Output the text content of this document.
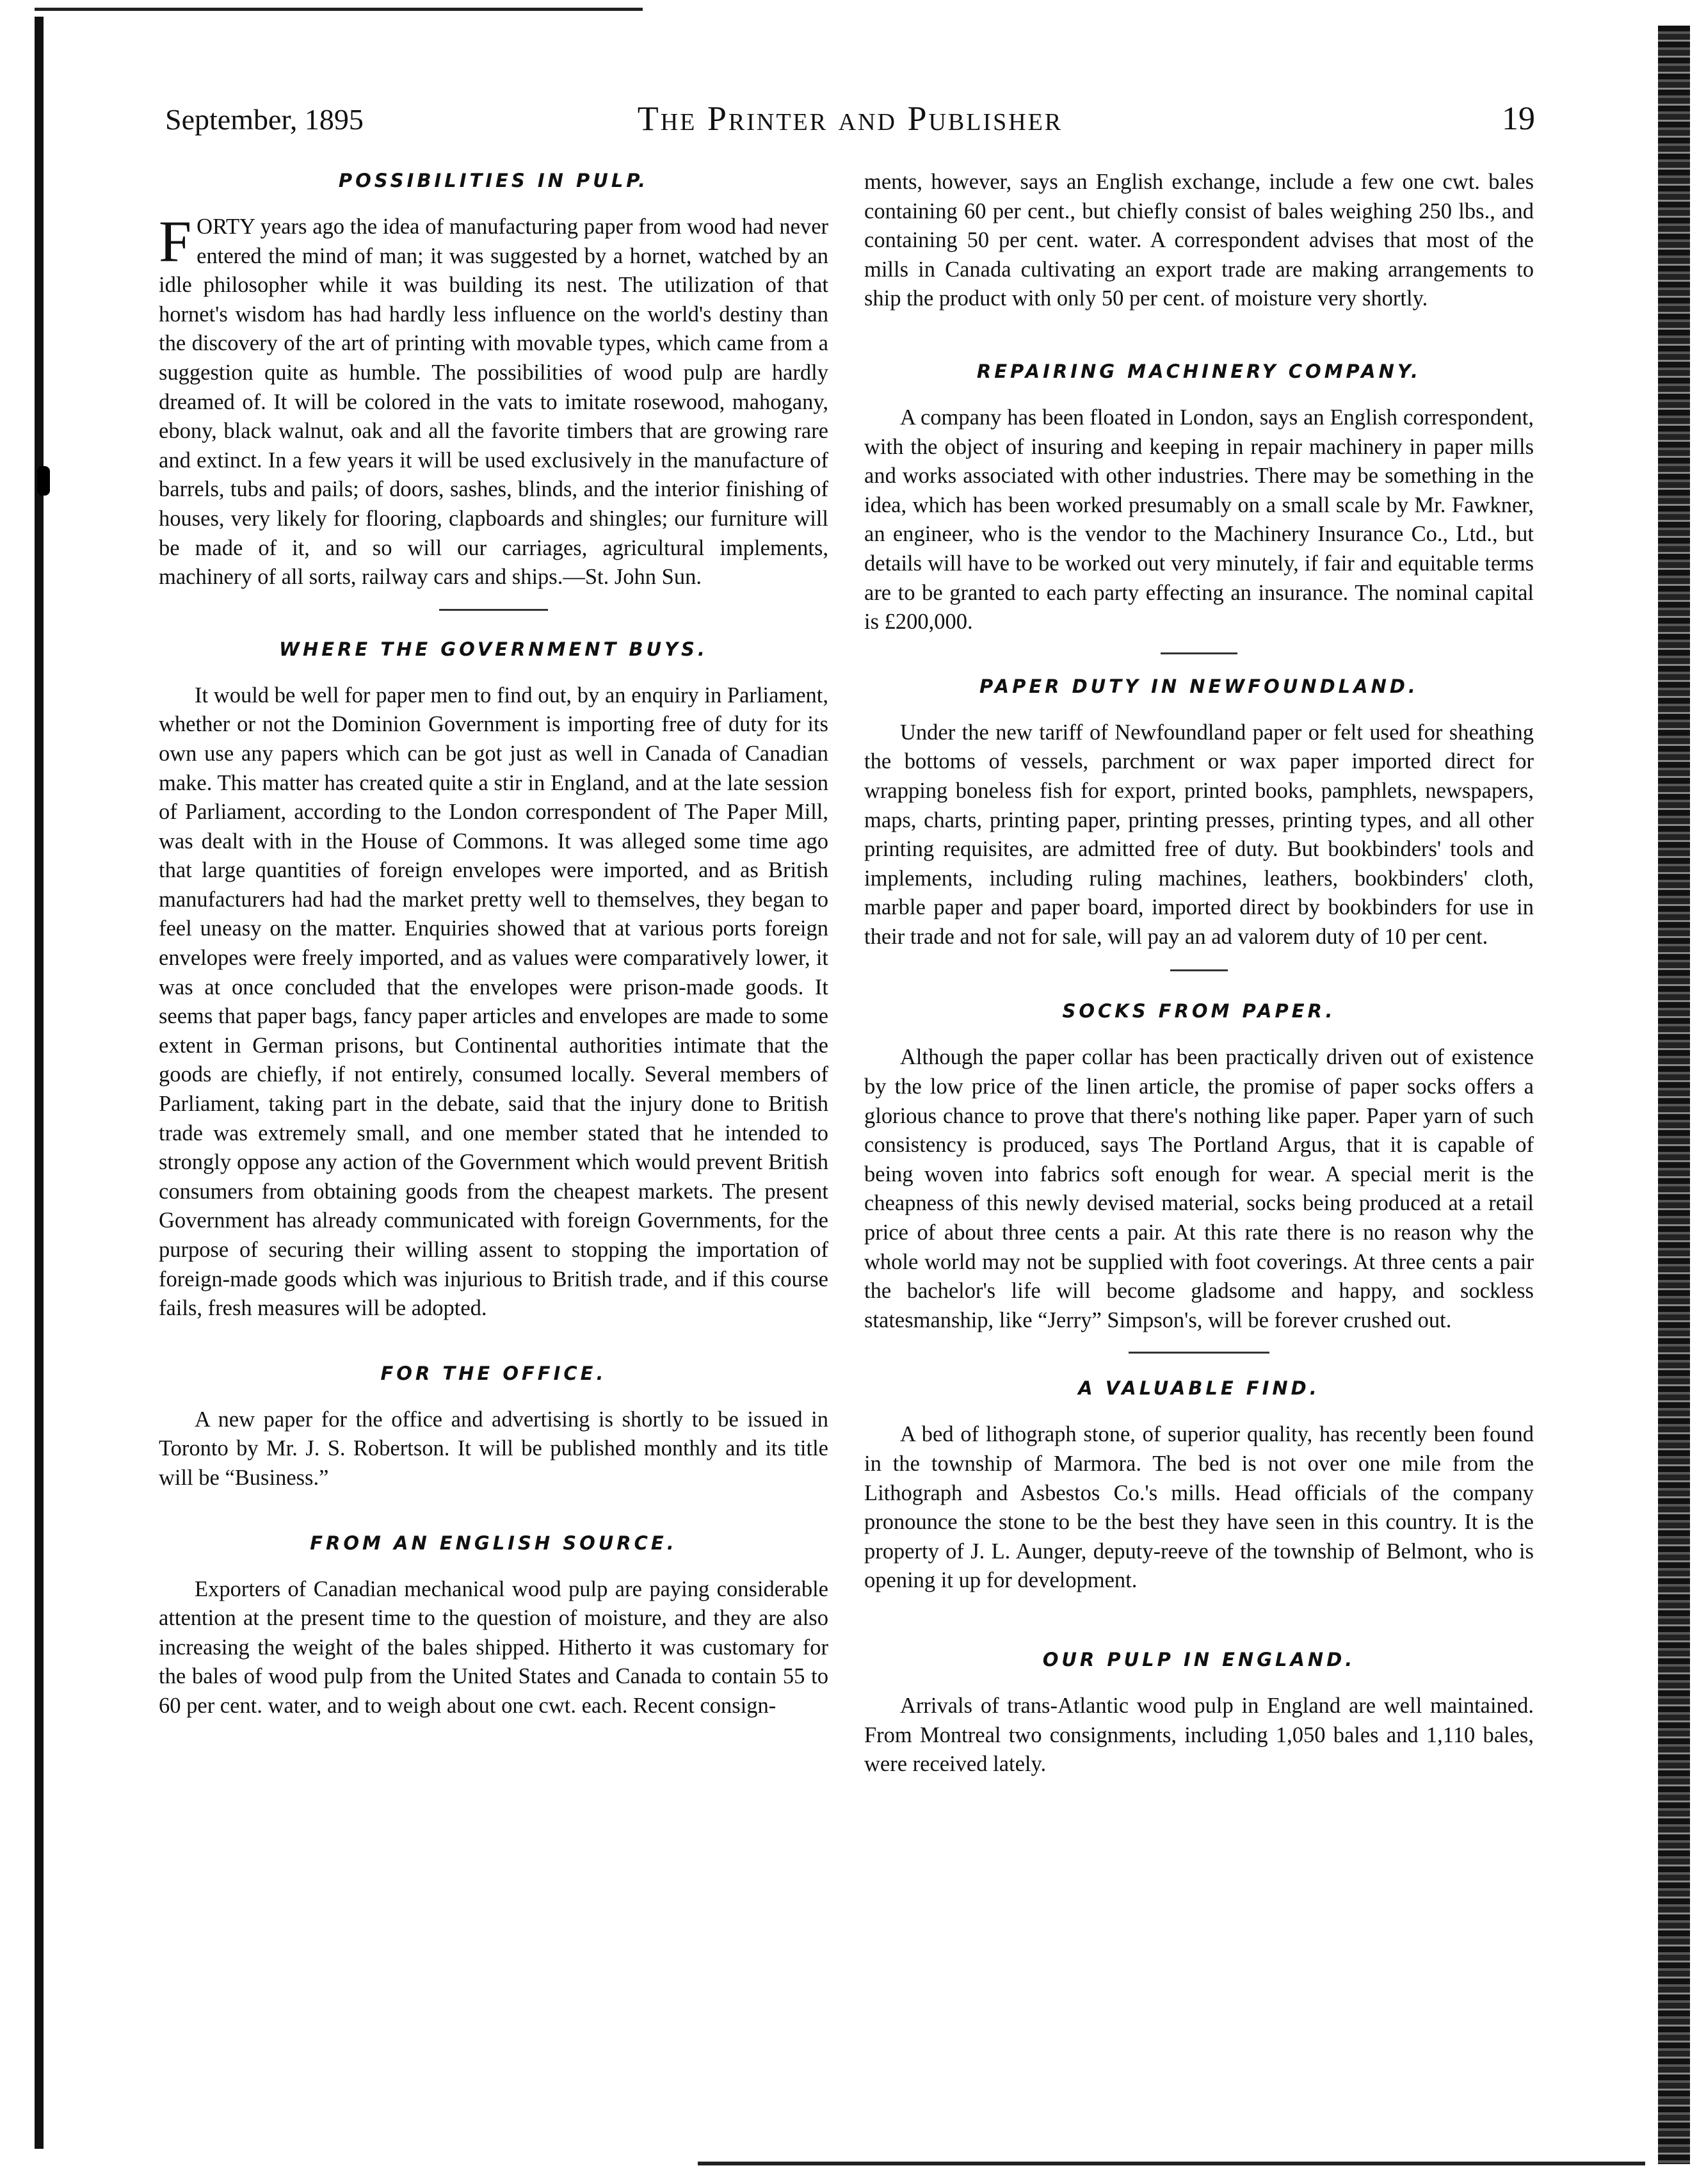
September, 1895	The Printer and Publisher	19
POSSIBILITIES IN PULP.

FORTY years ago the idea of manufacturing paper from wood had never entered the mind of man; it was suggested by a hornet, watched by an idle philosopher while it was building its nest. The utilization of that hornet's wisdom has had hardly less influence on the world's destiny than the discovery of the art of printing with movable types, which came from a suggestion quite as humble. The possibilities of wood pulp are hardly dreamed of. It will be colored in the vats to imitate rosewood, mahogany, ebony, black walnut, oak and all the favorite timbers that are growing rare and extinct. In a few years it will be used exclusively in the manufacture of barrels, tubs and pails; of doors, sashes, blinds, and the interior finishing of houses, very likely for flooring, clapboards and shingles; our furniture will be made of it, and so will our carriages, agricultural implements, machinery of all sorts, railway cars and ships.—St. John Sun.

WHERE THE GOVERNMENT BUYS.

It would be well for paper men to find out, by an enquiry in Parliament, whether or not the Dominion Government is importing free of duty for its own use any papers which can be got just as well in Canada of Canadian make. This matter has created quite a stir in England, and at the late session of Parliament, according to the London correspondent of The Paper Mill, was dealt with in the House of Commons. It was alleged some time ago that large quantities of foreign envelopes were imported, and as British manufacturers had had the market pretty well to themselves, they began to feel uneasy on the matter. Enquiries showed that at various ports foreign envelopes were freely imported, and as values were comparatively lower, it was at once concluded that the envelopes were prison-made goods. It seems that paper bags, fancy paper articles and envelopes are made to some extent in German prisons, but Continental authorities intimate that the goods are chiefly, if not entirely, consumed locally. Several members of Parliament, taking part in the debate, said that the injury done to British trade was extremely small, and one member stated that he intended to strongly oppose any action of the Government which would prevent British consumers from obtaining goods from the cheapest markets. The present Government has already communicated with foreign Governments, for the purpose of securing their willing assent to stopping the importation of foreign-made goods which was injurious to British trade, and if this course fails, fresh measures will be adopted.

FOR THE OFFICE.

A new paper for the office and advertising is shortly to be issued in Toronto by Mr. J. S. Robertson. It will be published monthly and its title will be “Business.”

FROM AN ENGLISH SOURCE.

Exporters of Canadian mechanical wood pulp are paying considerable attention at the present time to the question of moisture, and they are also increasing the weight of the bales shipped. Hitherto it was customary for the bales of wood pulp from the United States and Canada to contain 55 to 60 per cent. water, and to weigh about one cwt. each. Recent consign-

ments, however, says an English exchange, include a few one cwt. bales containing 60 per cent., but chiefly consist of bales weighing 250 lbs., and containing 50 per cent. water. A correspondent advises that most of the mills in Canada cultivating an export trade are making arrangements to ship the product with only 50 per cent. of moisture very shortly.

REPAIRING MACHINERY COMPANY.

A company has been floated in London, says an English correspondent, with the object of insuring and keeping in repair machinery in paper mills and works associated with other industries. There may be something in the idea, which has been worked presumably on a small scale by Mr. Fawkner, an engineer, who is the vendor to the Machinery Insurance Co., Ltd., but details will have to be worked out very minutely, if fair and equitable terms are to be granted to each party effecting an insurance. The nominal capital is £200,000.

PAPER DUTY IN NEWFOUNDLAND.

Under the new tariff of Newfoundland paper or felt used for sheathing the bottoms of vessels, parchment or wax paper imported direct for wrapping boneless fish for export, printed books, pamphlets, newspapers, maps, charts, printing paper, printing presses, printing types, and all other printing requisites, are admitted free of duty. But bookbinders' tools and implements, including ruling machines, leathers, bookbinders' cloth, marble paper and paper board, imported direct by bookbinders for use in their trade and not for sale, will pay an ad valorem duty of 10 per cent.

SOCKS FROM PAPER.

Although the paper collar has been practically driven out of existence by the low price of the linen article, the promise of paper socks offers a glorious chance to prove that there's nothing like paper. Paper yarn of such consistency is produced, says The Portland Argus, that it is capable of being woven into fabrics soft enough for wear. A special merit is the cheapness of this newly devised material, socks being produced at a retail price of about three cents a pair. At this rate there is no reason why the whole world may not be supplied with foot coverings. At three cents a pair the bachelor's life will become gladsome and happy, and sockless statesmanship, like “Jerry” Simpson's, will be forever crushed out.

A VALUABLE FIND.

A bed of lithograph stone, of superior quality, has recently been found in the township of Marmora. The bed is not over one mile from the Lithograph and Asbestos Co.'s mills. Head officials of the company pronounce the stone to be the best they have seen in this country. It is the property of J. L. Aunger, deputy-reeve of the township of Belmont, who is opening it up for development.

OUR PULP IN ENGLAND.

Arrivals of trans-Atlantic wood pulp in England are well maintained. From Montreal two consignments, including 1,050 bales and 1,110 bales, were received lately.
